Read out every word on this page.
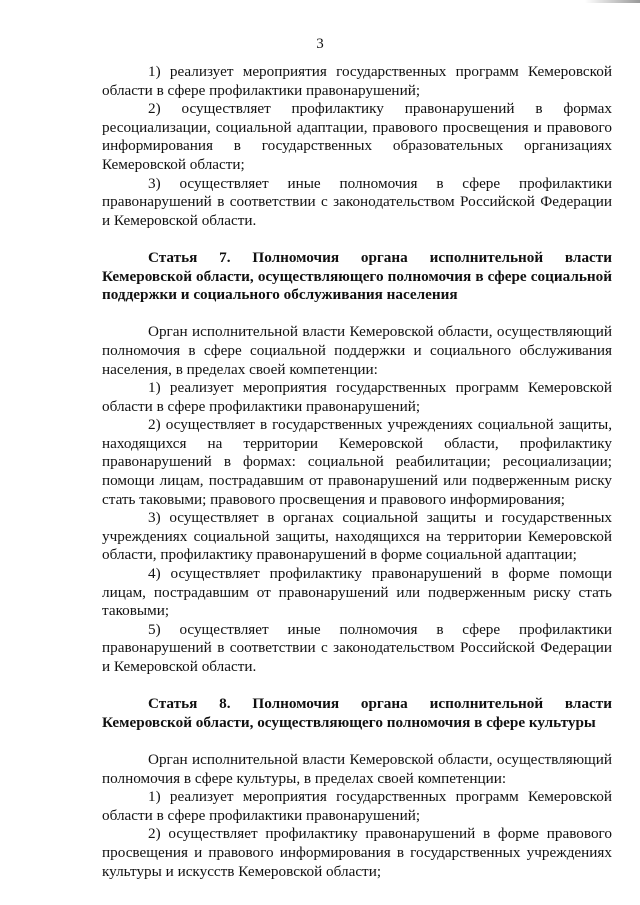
3

1) реализует мероприятия государственных программ Кемеровской области в сфере профилактики правонарушений;

2) осуществляет профилактику правонарушений в формах ресоциализации, социальной адаптации, правового просвещения и правового информирования в государственных образовательных организациях Кемеровской области;

3) осуществляет иные полномочия в сфере профилактики правонарушений в соответствии с законодательством Российской Федерации и Кемеровской области.

Статья 7. Полномочия органа исполнительной власти Кемеровской области, осуществляющего полномочия в сфере социальной поддержки и социального обслуживания населения

Орган исполнительной власти Кемеровской области, осуществляющий полномочия в сфере социальной поддержки и социального обслуживания населения, в пределах своей компетенции:

1) реализует мероприятия государственных программ Кемеровской области в сфере профилактики правонарушений;

2) осуществляет в государственных учреждениях социальной защиты, находящихся на территории Кемеровской области, профилактику правонарушений в формах: социальной реабилитации; ресоциализации; помощи лицам, пострадавшим от правонарушений или подверженным риску стать таковыми; правового просвещения и правового информирования;

3) осуществляет в органах социальной защиты и государственных учреждениях социальной защиты, находящихся на территории Кемеровской области, профилактику правонарушений в форме социальной адаптации;

4) осуществляет профилактику правонарушений в форме помощи лицам, пострадавшим от правонарушений или подверженным риску стать таковыми;

5) осуществляет иные полномочия в сфере профилактики правонарушений в соответствии с законодательством Российской Федерации и Кемеровской области.

Статья 8. Полномочия органа исполнительной власти Кемеровской области, осуществляющего полномочия в сфере культуры

Орган исполнительной власти Кемеровской области, осуществляющий полномочия в сфере культуры, в пределах своей компетенции:

1) реализует мероприятия государственных программ Кемеровской области в сфере профилактики правонарушений;

2) осуществляет профилактику правонарушений в форме правового просвещения и правового информирования в государственных учреждениях культуры и искусств Кемеровской области;
